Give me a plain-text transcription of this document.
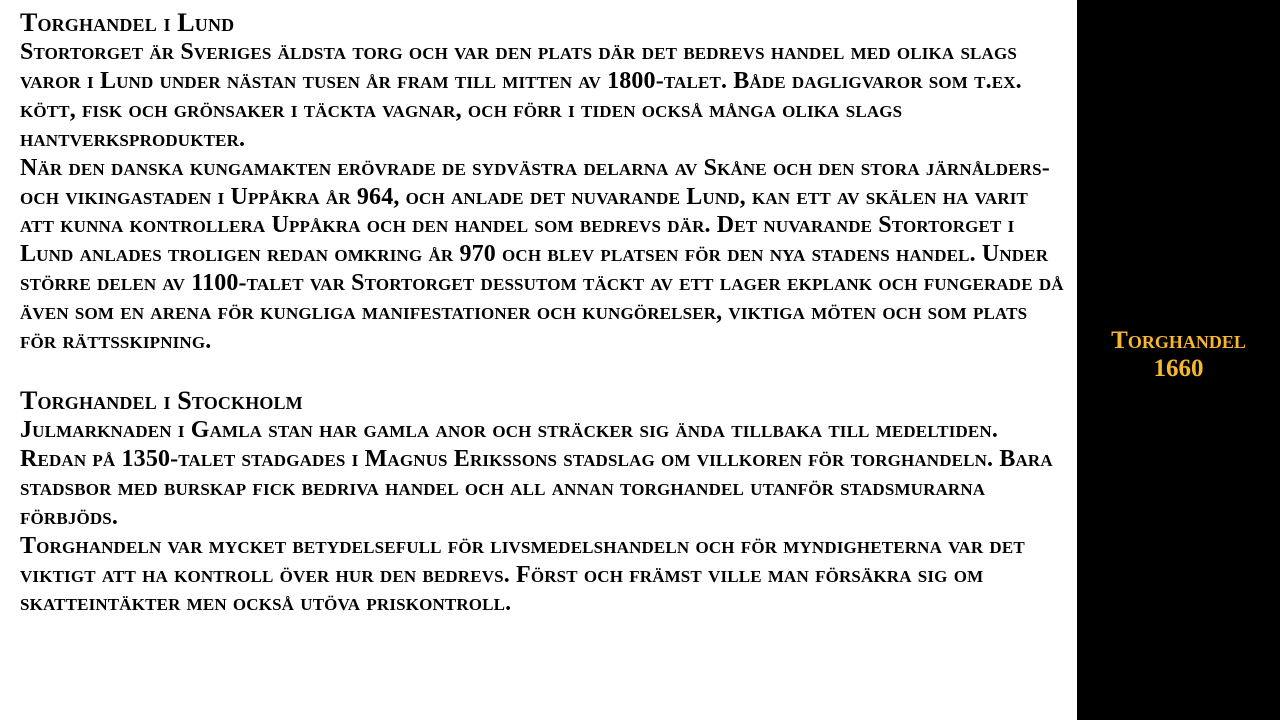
Torghandel i Lund

Stortorget är Sveriges äldsta torg och var den plats där det bedrevs handel med olika slags varor i Lund under nästan tusen år fram till mitten av 1800-talet. Både dagligvaror som t.ex. kött, fisk och grönsaker i täckta vagnar, och förr i tiden också många olika slags hantverksprodukter.

När den danska kungamakten erövrade de sydvästra delarna av Skåne och den stora järnålders- och vikingastaden i Uppåkra år 964, och anlade det nuvarande Lund, kan ett av skälen ha varit att kunna kontrollera Uppåkra och den handel som bedrevs där. Det nuvarande Stortorget i Lund anlades troligen redan omkring år 970 och blev platsen för den nya stadens handel. Under större delen av 1100-talet var Stortorget dessutom täckt av ett lager ekplank och fungerade då även som en arena för kungliga manifestationer och kungörelser, viktiga möten och som plats för rättsskipning.

Torghandel i Stockholm

Julmarknaden i Gamla stan har gamla anor och sträcker sig ända tillbaka till medeltiden. Redan på 1350-talet stadgades i Magnus Erikssons stadslag om villkoren för torghandeln. Bara stadsbor med burskap fick bedriva handel och all annan torghandel utanför stadsmurarna förbjöds.

Torghandeln var mycket betydelsefull för livsmedelshandeln och för myndigheterna var det viktigt att ha kontroll över hur den bedrevs. Först och främst ville man försäkra sig om skatteintäkter men också utöva priskontroll.

Torghandel
1660
